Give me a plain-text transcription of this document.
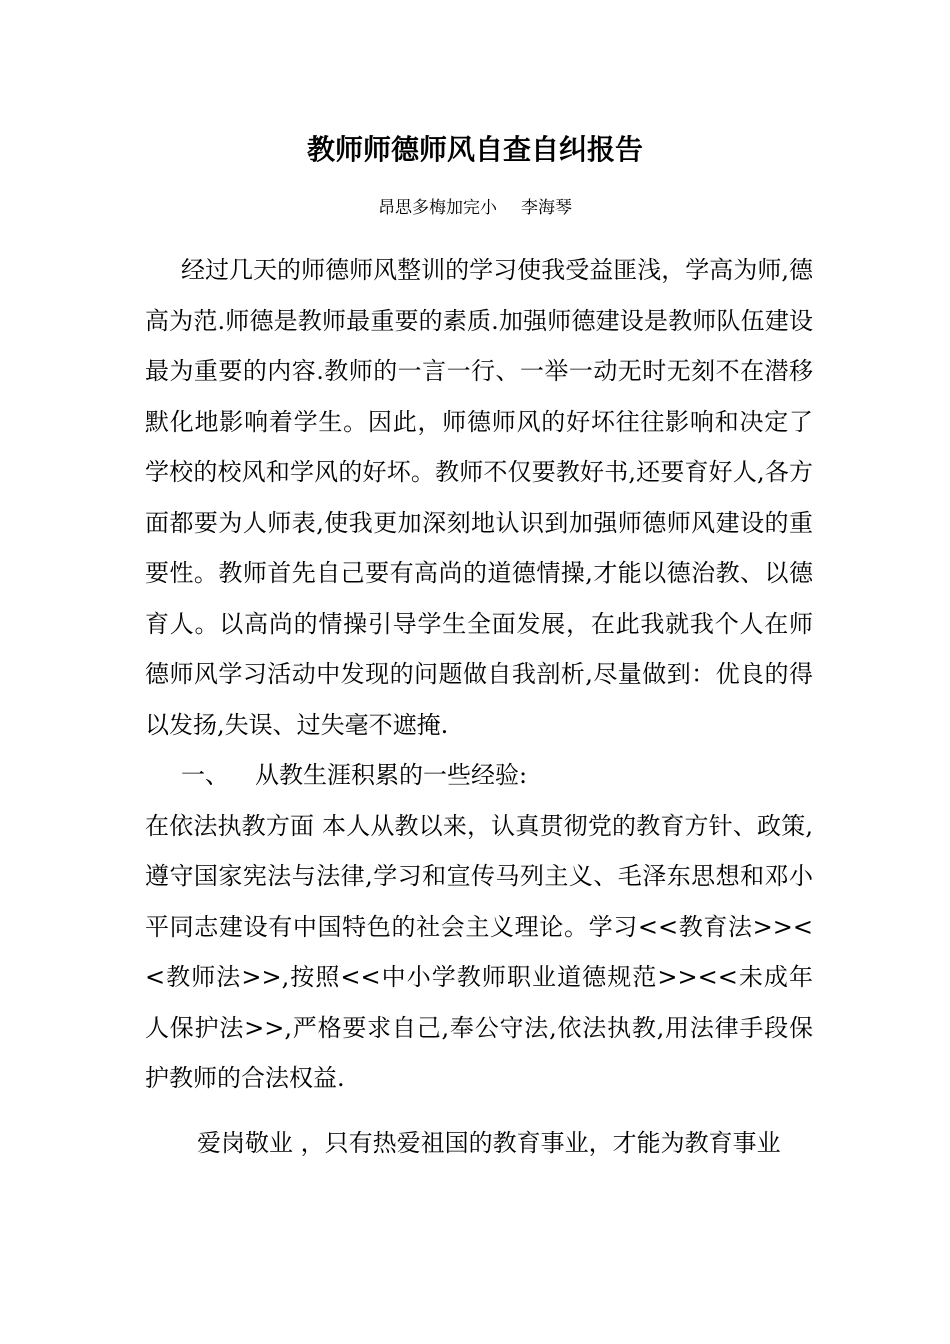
教师师德师风自查自纠报告
昂思多梅加完小 李海琴

经过几天的师德师风整训的学习使我受益匪浅，学高为师,德高为范.师德是教师最重要的素质.加强师德建设是教师队伍建设最为重要的内容.教师的一言一行、一举一动无时无刻不在潜移默化地影响着学生。因此，师德师风的好坏往往影响和决定了学校的校风和学风的好坏。教师不仅要教好书,还要育好人,各方面都要为人师表,使我更加深刻地认识到加强师德师风建设的重要性。教师首先自己要有高尚的道德情操,才能以德治教、以德育人。以高尚的情操引导学生全面发展，在此我就我个人在师德师风学习活动中发现的问题做自我剖析,尽量做到：优良的得以发扬,失误、过失毫不遮掩.

一、 从教生涯积累的一些经验:

在依法执教方面 本人从教以来，认真贯彻党的教育方针、政策,遵守国家宪法与法律,学习和宣传马列主义、毛泽东思想和邓小平同志建设有中国特色的社会主义理论。学习<<教育法>><<教师法>>,按照<<中小学教师职业道德规范>><<未成年人保护法>>,严格要求自己,奉公守法,依法执教,用法律手段保护教师的合法权益.

爱岗敬业 ，只有热爱祖国的教育事业，才能为教育事业
